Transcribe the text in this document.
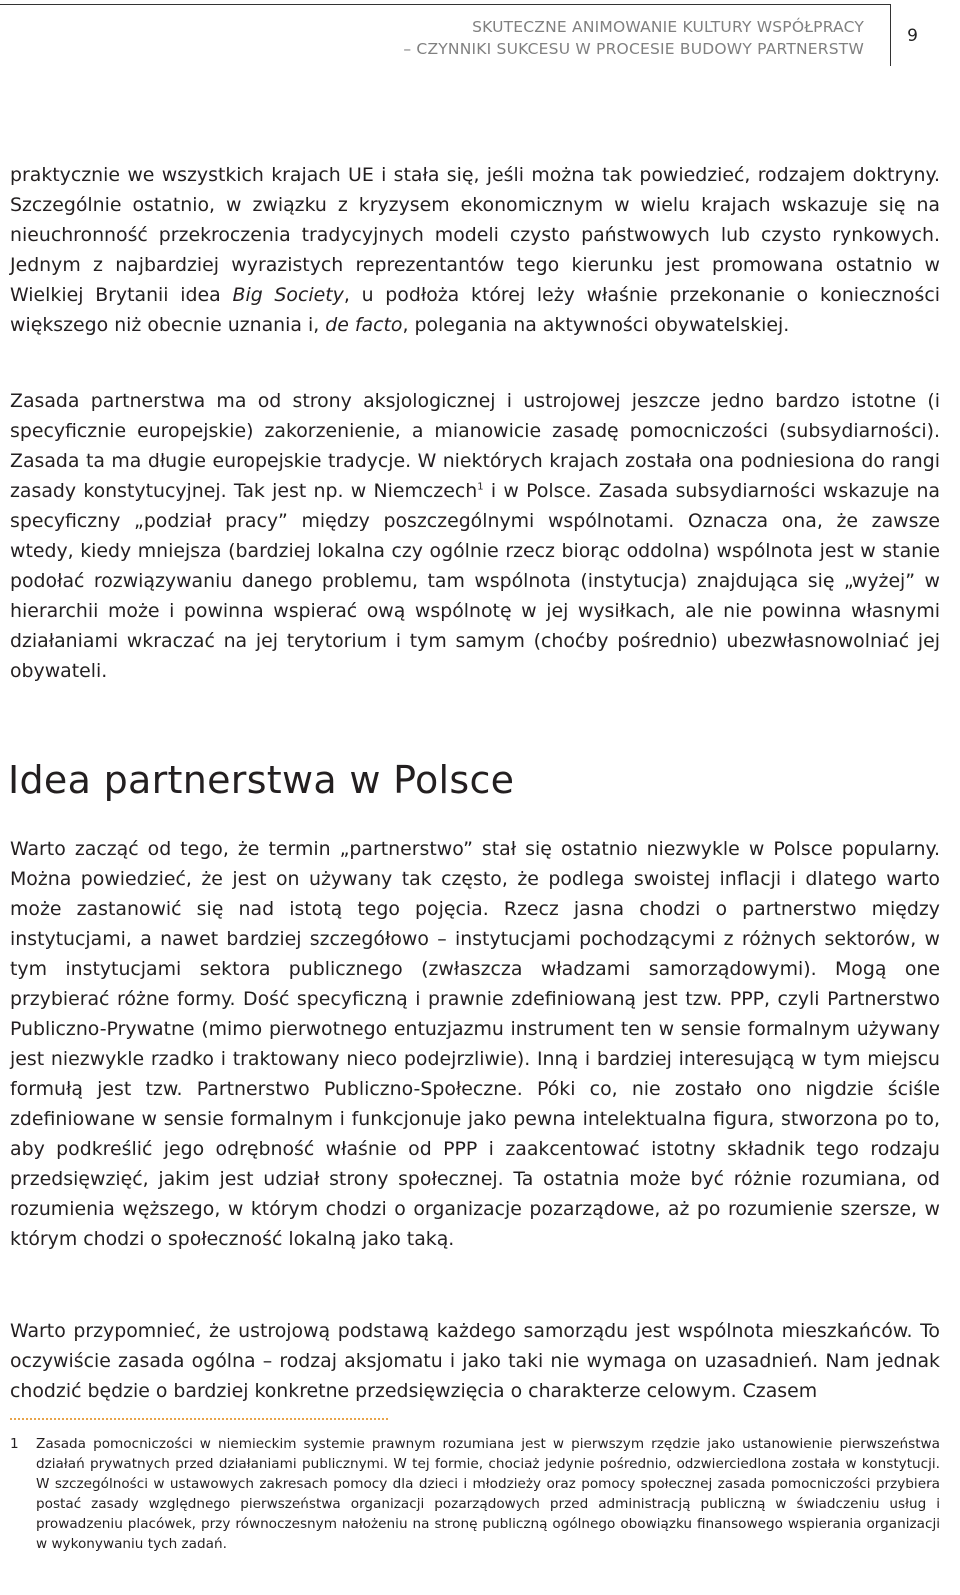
SKUTECZNE ANIMOWANIE KULTURY WSPÓŁPRACY
– CZYNNIKI SUKCESU W PROCESIE BUDOWY PARTNERSTW
9

praktycznie we wszystkich krajach UE i stała się, jeśli można tak powiedzieć, rodzajem doktryny. Szczególnie ostatnio, w związku z kryzysem ekonomicznym w wielu krajach wskazuje się na nieuchronność przekroczenia tradycyjnych modeli czysto państwowych lub czysto rynkowych. Jednym z najbardziej wyrazistych reprezentantów tego kierunku jest promowana ostatnio w Wielkiej Brytanii idea Big Society, u podłoża której leży właśnie przekonanie o konieczności większego niż obecnie uznania i, de facto, polegania na aktywności obywatelskiej.

Zasada partnerstwa ma od strony aksjologicznej i ustrojowej jeszcze jedno bardzo istotne (i specyficznie europejskie) zakorzenienie, a mianowicie zasadę pomocniczości (subsydiarności). Zasada ta ma długie europejskie tradycje. W niektórych krajach została ona podniesiona do rangi zasady konstytucyjnej. Tak jest np. w Niemczech$^1$ i w Polsce. Zasada subsydiarności wskazuje na specyficzny „podział pracy” między poszczególnymi wspólnotami. Oznacza ona, że zawsze wtedy, kiedy mniejsza (bardziej lokalna czy ogólnie rzecz biorąc oddolna) wspólnota jest w stanie podołać rozwiązywaniu danego problemu, tam wspólnota (instytucja) znajdująca się „wyżej” w hierarchii może i powinna wspierać ową wspólnotę w jej wysiłkach, ale nie powinna własnymi działaniami wkraczać na jej terytorium i tym samym (choćby pośrednio) ubezwłasnowolniać jej obywateli.

Idea partnerstwa w Polsce

Warto zacząć od tego, że termin „partnerstwo” stał się ostatnio niezwykle w Polsce popularny. Można powiedzieć, że jest on używany tak często, że podlega swoistej inflacji i dlatego warto może zastanowić się nad istotą tego pojęcia. Rzecz jasna chodzi o partnerstwo między instytucjami, a nawet bardziej szczegółowo – instytucjami pochodzącymi z różnych sektorów, w tym instytucjami sektora publicznego (zwłaszcza władzami samorządowymi). Mogą one przybierać różne formy. Dość specyficzną i prawnie zdefiniowaną jest tzw. PPP, czyli Partnerstwo Publiczno-Prywatne (mimo pierwotnego entuzjazmu instrument ten w sensie formalnym używany jest niezwykle rzadko i traktowany nieco podejrzliwie). Inną i bardziej interesującą w tym miejscu formułą jest tzw. Partnerstwo Publiczno-Społeczne. Póki co, nie zostało ono nigdzie ściśle zdefiniowane w sensie formalnym i funkcjonuje jako pewna intelektualna figura, stworzona po to, aby podkreślić jego odrębność właśnie od PPP i zaakcentować istotny składnik tego rodzaju przedsięwzięć, jakim jest udział strony społecznej. Ta ostatnia może być różnie rozumiana, od rozumienia węższego, w którym chodzi o organizacje pozarządowe, aż po rozumienie szersze, w którym chodzi o społeczność lokalną jako taką.

Warto przypomnieć, że ustrojową podstawą każdego samorządu jest wspólnota mieszkańców. To oczywiście zasada ogólna – rodzaj aksjomatu i jako taki nie wymaga on uzasadnień. Nam jednak chodzić będzie o bardziej konkretne przedsięwzięcia o charakterze celowym. Czasem

1 Zasada pomocniczości w niemieckim systemie prawnym rozumiana jest w pierwszym rzędzie jako ustanowienie pierwszeństwa działań prywatnych przed działaniami publicznymi. W tej formie, chociaż jedynie pośrednio, odzwierciedlona została w konstytucji. W szczególności w ustawowych zakresach pomocy dla dzieci i młodzieży oraz pomocy społecznej zasada pomocniczości przybiera postać zasady względnego pierwszeństwa organizacji pozarządowych przed administracją publiczną w świadczeniu usług i prowadzeniu placówek, przy równoczesnym nałożeniu na stronę publiczną ogólnego obowiązku finansowego wspierania organizacji w wykonywaniu tych zadań.
